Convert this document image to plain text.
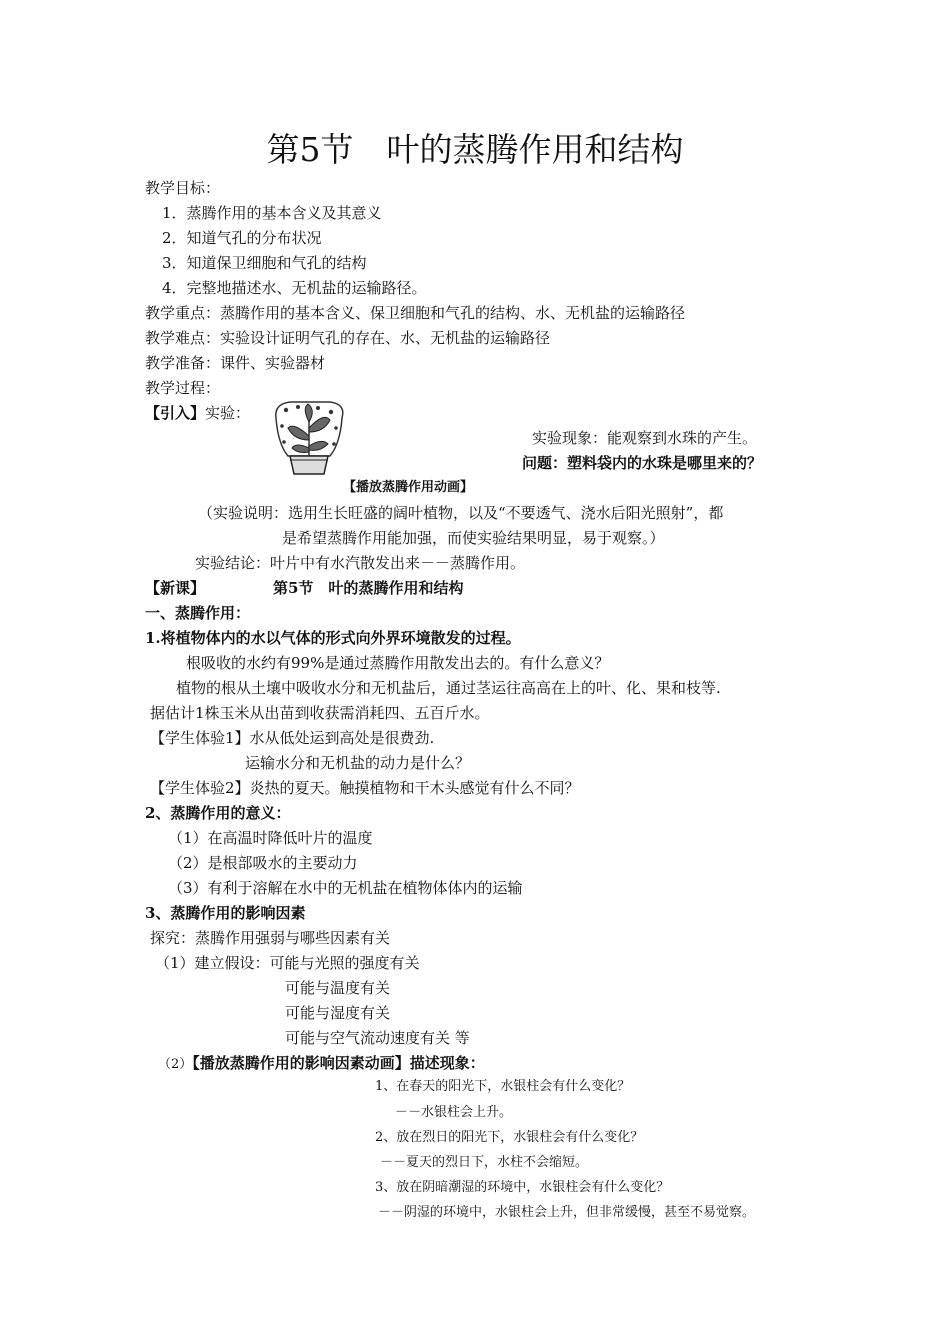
第5节　叶的蒸腾作用和结构
教学目标：
1．蒸腾作用的基本含义及其意义
2．知道气孔的分布状况
3．知道保卫细胞和气孔的结构
4．完整地描述水、无机盐的运输路径。
教学重点：蒸腾作用的基本含义、保卫细胞和气孔的结构、水、无机盐的运输路径
教学难点：实验设计证明气孔的存在、水、无机盐的运输路径
教学准备：课件、实验器材
教学过程：
【引入】实验：
实验现象：能观察到水珠的产生。
问题：塑料袋内的水珠是哪里来的？
【播放蒸腾作用动画】
（实验说明：选用生长旺盛的阔叶植物，以及“不要透气、浇水后阳光照射”，都
是希望蒸腾作用能加强，而使实验结果明显，易于观察。）
实验结论：叶片中有水汽散发出来－－蒸腾作用。
【新课】	第5节　叶的蒸腾作用和结构
一、蒸腾作用：
1.将植物体内的水以气体的形式向外界环境散发的过程。
根吸收的水约有99%是通过蒸腾作用散发出去的。有什么意义？
植物的根从土壤中吸收水分和无机盐后，通过茎运往高高在上的叶、化、果和枝等.
据估计1株玉米从出苗到收获需消耗四、五百斤水。
【学生体验1】水从低处运到高处是很费劲.
运输水分和无机盐的动力是什么？
【学生体验2】炎热的夏天。触摸植物和干木头感觉有什么不同？
2、蒸腾作用的意义：
（1）在高温时降低叶片的温度
（2）是根部吸水的主要动力
（3）有利于溶解在水中的无机盐在植物体体内的运输
3、蒸腾作用的影响因素
探究：蒸腾作用强弱与哪些因素有关
（1）建立假设：可能与光照的强度有关
可能与温度有关
可能与湿度有关
可能与空气流动速度有关 等
（2）【播放蒸腾作用的影响因素动画】描述现象：
1、在春天的阳光下，水银柱会有什么变化？
－－水银柱会上升。
2、放在烈日的阳光下，水银柱会有什么变化？
－－夏天的烈日下，水柱不会缩短。
3、放在阴暗潮湿的环境中，水银柱会有什么变化？
－－阴湿的环境中，水银柱会上升，但非常缓慢，甚至不易觉察。
